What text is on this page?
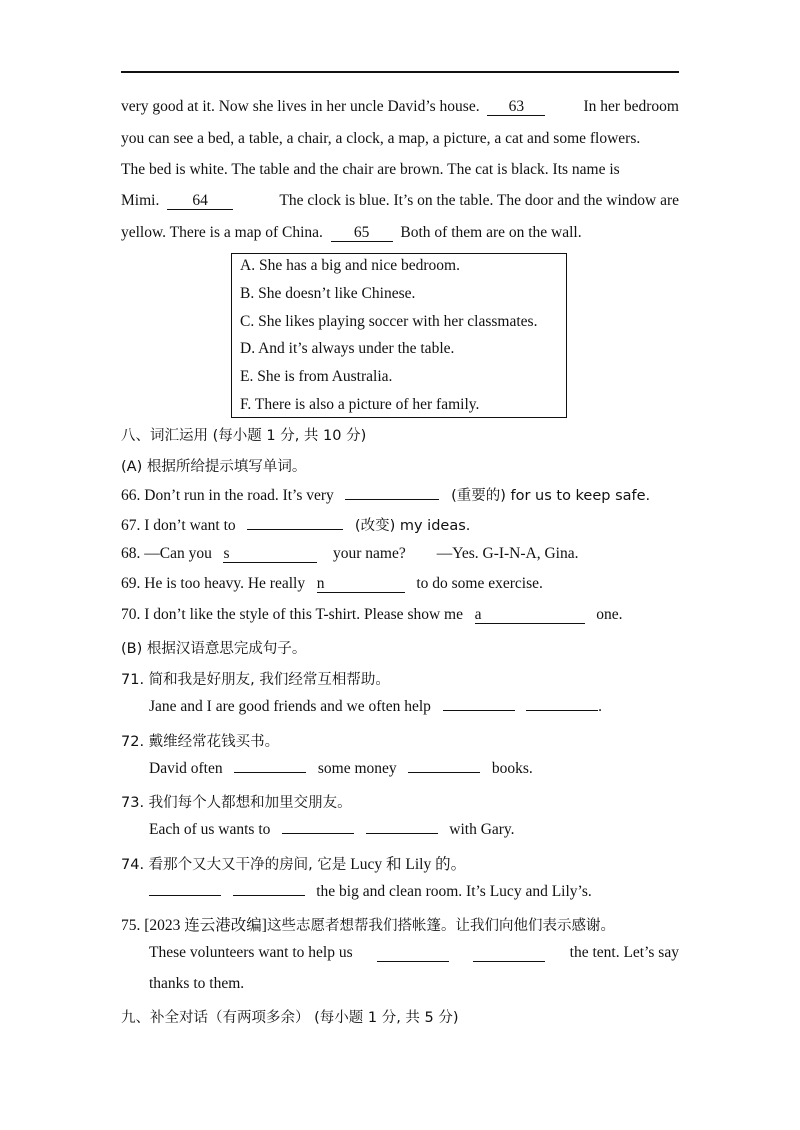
very good at it. Now she lives in her uncle David’s house. 63	In her bedroom
you can see a bed, a table, a chair, a clock, a map, a picture, a cat and some flowers.
The bed is white. The table and the chair are brown. The cat is black. Its name is
Mimi. 64	The clock is blue. It’s on the table. The door and the window are
yellow. There is a map of China. 65 Both of them are on the wall.
A. She has a big and nice bedroom.
B. She doesn’t like Chinese.
C. She likes playing soccer with her classmates.
D. And it’s always under the table.
E. She is from Australia.
F. There is also a picture of her family.
八、词汇运用 (每小题 1 分, 共 10 分)
(A) 根据所给提示填写单词。
66. Don’t run in the road. It’s very	(重要的) for us to keep safe.
67. I don’t want to	(改变) my ideas.
68. —Can you s	your name? —Yes. G-I-N-A, Gina.
69. He is too heavy. He really n	to do some exercise.
70. I don’t like the style of this T-shirt. Please show me a	one.
(B) 根据汉语意思完成句子。
71. 简和我是好朋友, 我们经常互相帮助。
Jane and I are good friends and we often help	.
72. 戴维经常花钱买书。
David often	some money	books.
73. 我们每个人都想和加里交朋友。
Each of us wants to	with Gary.
74. 看那个又大又干净的房间, 它是 Lucy 和 Lily 的。
the big and clean room. It’s Lucy and Lily’s.
75. [2023 连云港改编]这些志愿者想帮我们搭帐篷。让我们向他们表示感谢。
These volunteers want to help us	the tent. Let’s say
thanks to them.
九、补全对话（有两项多余） (每小题 1 分, 共 5 分)
